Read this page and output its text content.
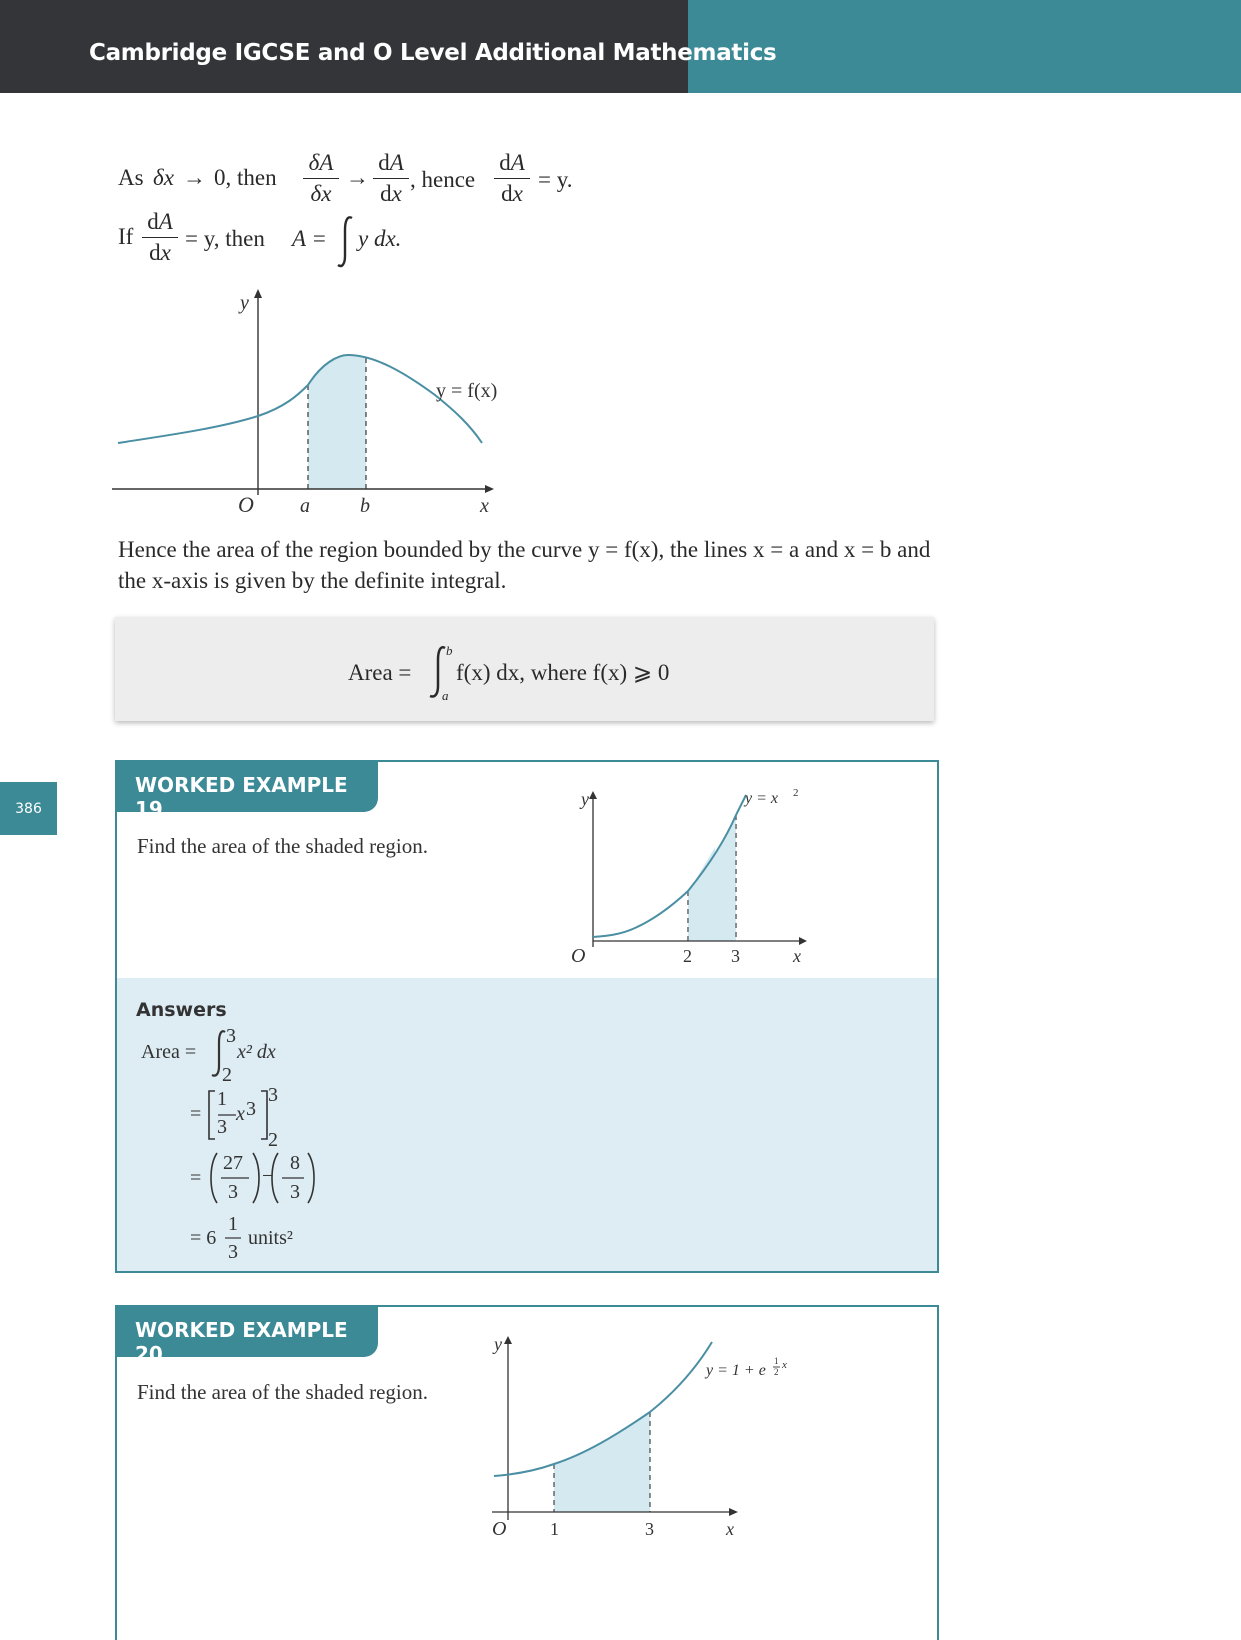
Cambridge IGCSE and O Level Additional Mathematics
386
As δx → 0, then
δA
δx
→
dA
dx
, hence
dA
dx
= y.
If
dA
dx
= y, then A = y dx.
y
O a	b	x
y = f(x)
Hence the area of the region bounded by the curve y = f(x), the lines x = a and x = b and the x-axis is given by the definite integral.
Area =
b
a
f(x) dx, where f(x) ⩾ 0
WORKED EXAMPLE 19
Find the area of the shaded region.
y
O	2 3	x
y = x 2
Answers
Area =
3
2
x² dx
=
1
3
x 3
3
2
=
27
3
−
8
3
= 6
1
3
units²
WORKED EXAMPLE 20
Find the area of the shaded region.
y
O 1	3	x
y = 1 + e
1
2
x
